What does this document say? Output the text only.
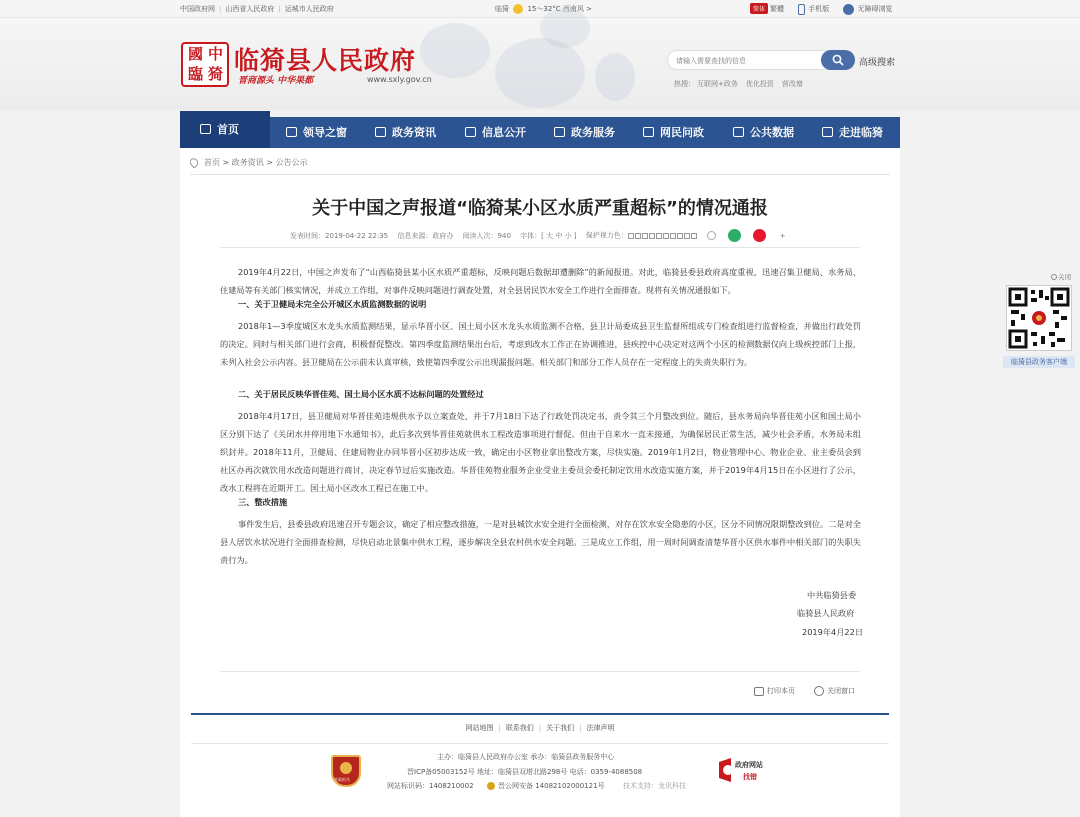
中国政府网 | 山西省人民政府 | 运城市人民政府	临猗	15～32°C 西南风 >	简体 繁體	手机版	无障碍浏览
國 中
臨 猗 临猗县人民政府
晋商源头 中华果都	www.sxly.gov.cn
请输入需要查找的信息
高级搜索
热搜： 互联网+政务 优化投资 营改增
首页	领导之窗	政务资讯	信息公开	政务服务	网民问政	公共数据	走进临猗
首页 > 政务资讯 > 公告公示
关于中国之声报道“临猗某小区水质严重超标”的情况通报
发表时间：2019-04-22 22:35 信息来源：政府办 阅读人次：940 字体：[ 大 中 小 ] 保护视力色：	+
2019年4月22日，中国之声发布了“山西临猗县某小区水质严重超标，反映问题后数据却遭删除”的新闻报道。对此，临猗县委县政府高度重视，迅速召集卫健局、水务局、住建局等有关部门核实情况，并成立工作组，对事件反映问题进行调查处置，对全县居民饮水安全工作进行全面排查。现将有关情况通报如下。
一、关于卫健局未完全公开城区水质监测数据的说明
2018年1—3季度城区水龙头水质监测结果，显示华晋小区、国土局小区水龙头水质监测不合格，县卫计局委成县卫生监督所组成专门检查组进行监督检查，并做出行政处罚的决定。同时与相关部门进行会商，积极督促整改。第四季度监测结果出台后，考虑到改水工作正在协调推进，县疾控中心决定对这两个小区的检测数据仅向上级疾控部门上报，未列入社会公示内容。县卫健局在公示前未认真审核，致使第四季度公示出现漏报问题。相关部门和部分工作人员存在一定程度上的失责失职行为。
二、关于居民反映华晋佳苑、国土局小区水质不达标问题的处置经过
2018年4月17日，县卫健局对华晋佳苑违规供水予以立案查处，并于7月18日下达了行政处罚决定书，责令其三个月整改到位。随后，县水务局向华晋佳苑小区和国土局小区分别下达了《关闭水井停用地下水通知书》，此后多次到华晋佳苑就供水工程改造事项进行督促。但由于自来水一直未接通，为确保居民正常生活，减少社会矛盾，水务局未组织封井。2018年11月，卫健局、住建局物业办同华晋小区初步达成一致，确定由小区物业拿出整改方案，尽快实施。2019年1月2日，物业管理中心、物业企业、业主委员会到社区办再次就饮用水改造问题进行商讨，决定春节过后实施改造。华晋佳苑物业服务企业受业主委员会委托制定饮用水改造实施方案，并于2019年4月15日在小区进行了公示，改水工程将在近期开工。国土局小区改水工程已在施工中。
三、整改措施
事件发生后，县委县政府迅速召开专题会议，确定了相应整改措施，一是对县城饮水安全进行全面检测，对存在饮水安全隐患的小区，区分不同情况限期整改到位。二是对全县人居饮水状况进行全面排查检测，尽快启动北景集中供水工程，逐步解决全县农村供水安全问题。三是成立工作组，用一周时间调查清楚华晋小区供水事件中相关部门的失职失责行为。
中共临猗县委
临猗县人民政府
2019年4月22日
打印本页	关闭窗口
网站地图 | 联系我们 | 关于我们 | 法律声明
党政机关
主办：临猗县人民政府办公室 承办：临猗县政务服务中心
晋ICP备05003152号 地址：临猗县双塔北路298号 电话：0359-4088508
网站标识码：1408210002	晋公网安备 14082102000121号	技术支持：龙讯科技
政府网站
找错
关闭
临猗县政务客户端
